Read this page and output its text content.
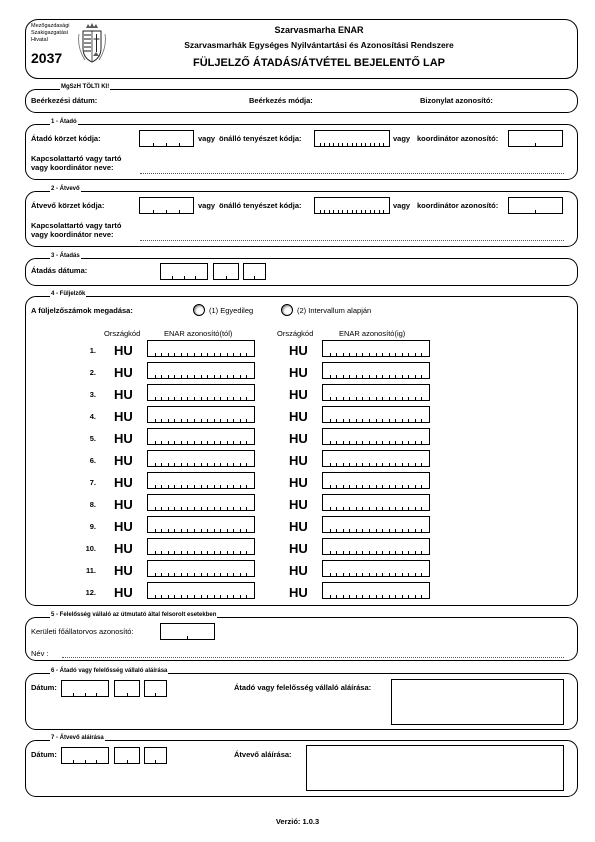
Mezőgazdasági
Szakigazgatási
Hivatal
2037
Szarvasmarha ENAR
Szarvasmarhák Egységes Nyilvántartási és Azonosítási Rendszere
FÜLJELZŐ ÁTADÁS/ÁTVÉTEL BEJELENTŐ LAP
MgSzH TÖLTI KI!
Beérkezési dátum:	Beérkezés módja:	Bizonylat azonosító:
1 - Átadó
Átadó körzet kódja:	vagy önálló tenyészet kódja:	vagy koordinátor azonosító:
Kapcsolattartó vagy tartó
vagy koordinátor neve:
2 - Átvevő
Átvevő körzet kódja:	vagy önálló tenyészet kódja:	vagy koordinátor azonosító:
Kapcsolattartó vagy tartó
vagy koordinátor neve:
3 - Átadás
Átadás dátuma:
4 - Füljelzők
A füljelzőszámok megadása:	(1) Egyedileg	(2) Intervallum alapján
Országkód	ENAR azonosító(tól)	Országkód	ENAR azonosító(ig)
1. HU	HU
2. HU	HU
3. HU	HU
4. HU	HU
5. HU	HU
6. HU	HU
7. HU	HU
8. HU	HU
9. HU	HU
10. HU	HU
11. HU	HU
12. HU	HU
5 - Felelősség vállaló az útmutató által felsorolt esetekben
Kerületi főállatorvos azonosító:
Név :
6 - Átadó vagy felelősség vállaló aláírása
Dátum:	Átadó vagy felelősség vállaló aláírása:
7 - Átvevő aláírása
Dátum:	Átvevő aláírása:
Verzió: 1.0.3
